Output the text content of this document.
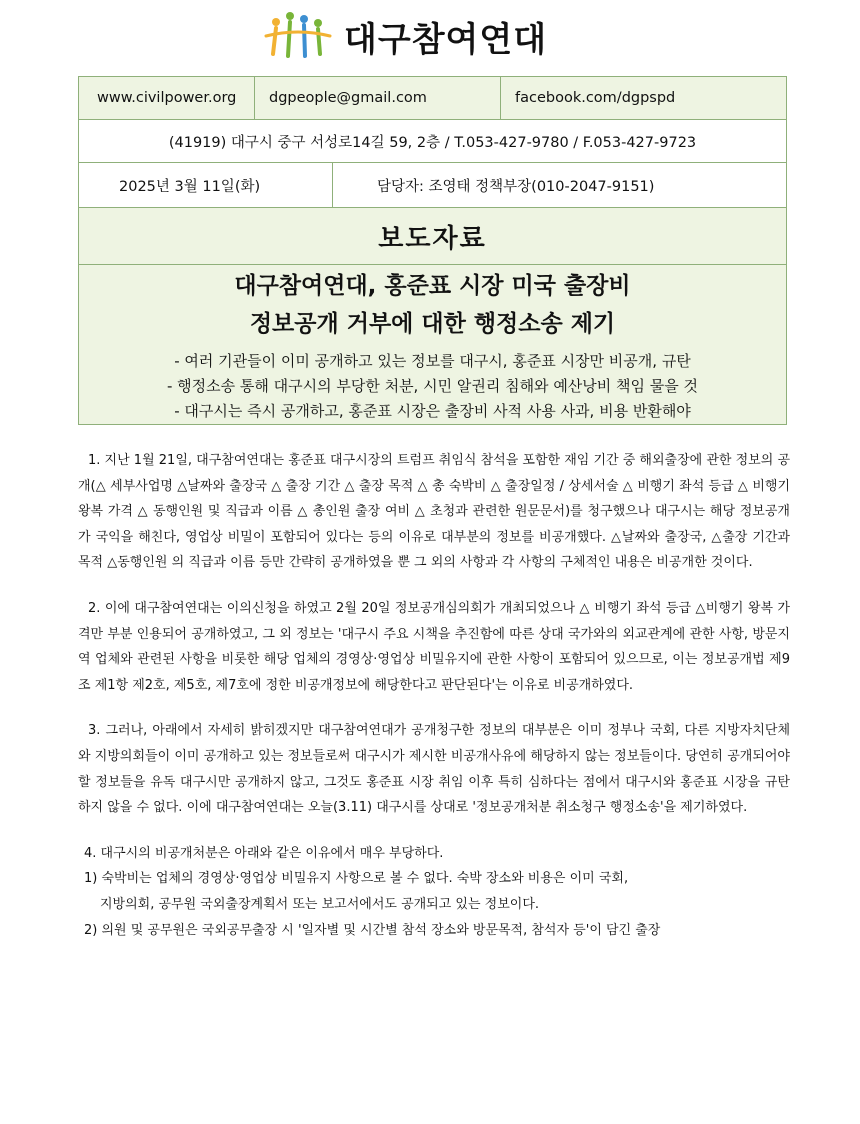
대구참여연대
www.civilpower.org	dgpeople@gmail.com	facebook.com/dgpspd
(41919) 대구시 중구 서성로14길 59, 2층 / T.053-427-9780 / F.053-427-9723

2025년 3월 11일(화)	담당자: 조영태 정책부장(010-2047-9151)

보도자료

대구참여연대, 홍준표 시장 미국 출장비
정보공개 거부에 대한 행정소송 제기
- 여러 기관들이 이미 공개하고 있는 정보를 대구시, 홍준표 시장만 비공개, 규탄
- 행정소송 통해 대구시의 부당한 처분, 시민 알권리 침해와 예산낭비 책임 물을 것
- 대구시는 즉시 공개하고, 홍준표 시장은 출장비 사적 사용 사과, 비용 반환해야

1. 지난 1월 21일, 대구참여연대는 홍준표 대구시장의 트럼프 취임식 참석을 포함한 재임 기간 중 해외출장에 관한 정보의 공개(△ 세부사업명 △날짜와 출장국 △ 출장 기간 △ 출장 목적 △ 총 숙박비 △ 출장일정 / 상세서술 △ 비행기 좌석 등급 △ 비행기 왕복 가격 △ 동행인원 및 직급과 이름 △ 총인원 출장 여비 △ 초청과 관련한 원문문서)를 청구했으나 대구시는 해당 정보공개가 국익을 해친다, 영업상 비밀이 포함되어 있다는 등의 이유로 대부분의 정보를 비공개했다. △날짜와 출장국, △출장 기간과 목적 △동행인원 의 직급과 이름 등만 간략히 공개하였을 뿐 그 외의 사항과 각 사항의 구체적인 내용은 비공개한 것이다.

2. 이에 대구참여연대는 이의신청을 하였고 2월 20일 정보공개심의회가 개최되었으나 △ 비행기 좌석 등급 △비행기 왕복 가격만 부분 인용되어 공개하였고, 그 외 정보는 '대구시 주요 시책을 추진함에 따른 상대 국가와의 외교관계에 관한 사항, 방문지역 업체와 관련된 사항을 비롯한 해당 업체의 경영상·영업상 비밀유지에 관한 사항이 포함되어 있으므로, 이는 정보공개법 제9조 제1항 제2호, 제5호, 제7호에 정한 비공개정보에 해당한다고 판단된다'는 이유로 비공개하였다.

3. 그러나, 아래에서 자세히 밝히겠지만 대구참여연대가 공개청구한 정보의 대부분은 이미 정부나 국회, 다른 지방자치단체와 지방의회들이 이미 공개하고 있는 정보들로써 대구시가 제시한 비공개사유에 해당하지 않는 정보들이다. 당연히 공개되어야 할 정보들을 유독 대구시만 공개하지 않고, 그것도 홍준표 시장 취임 이후 특히 심하다는 점에서 대구시와 홍준표 시장을 규탄하지 않을 수 없다. 이에 대구참여연대는 오늘(3.11) 대구시를 상대로 '정보공개처분 취소청구 행정소송'을 제기하였다.

4. 대구시의 비공개처분은 아래와 같은 이유에서 매우 부당하다.

1) 숙박비는 업체의 경영상·영업상 비밀유지 사항으로 볼 수 없다. 숙박 장소와 비용은 이미 국회,

지방의회, 공무원 국외출장계획서 또는 보고서에서도 공개되고 있는 정보이다.

2) 의원 및 공무원은 국외공무출장 시 '일자별 및 시간별 참석 장소와 방문목적, 참석자 등'이 담긴 출장
